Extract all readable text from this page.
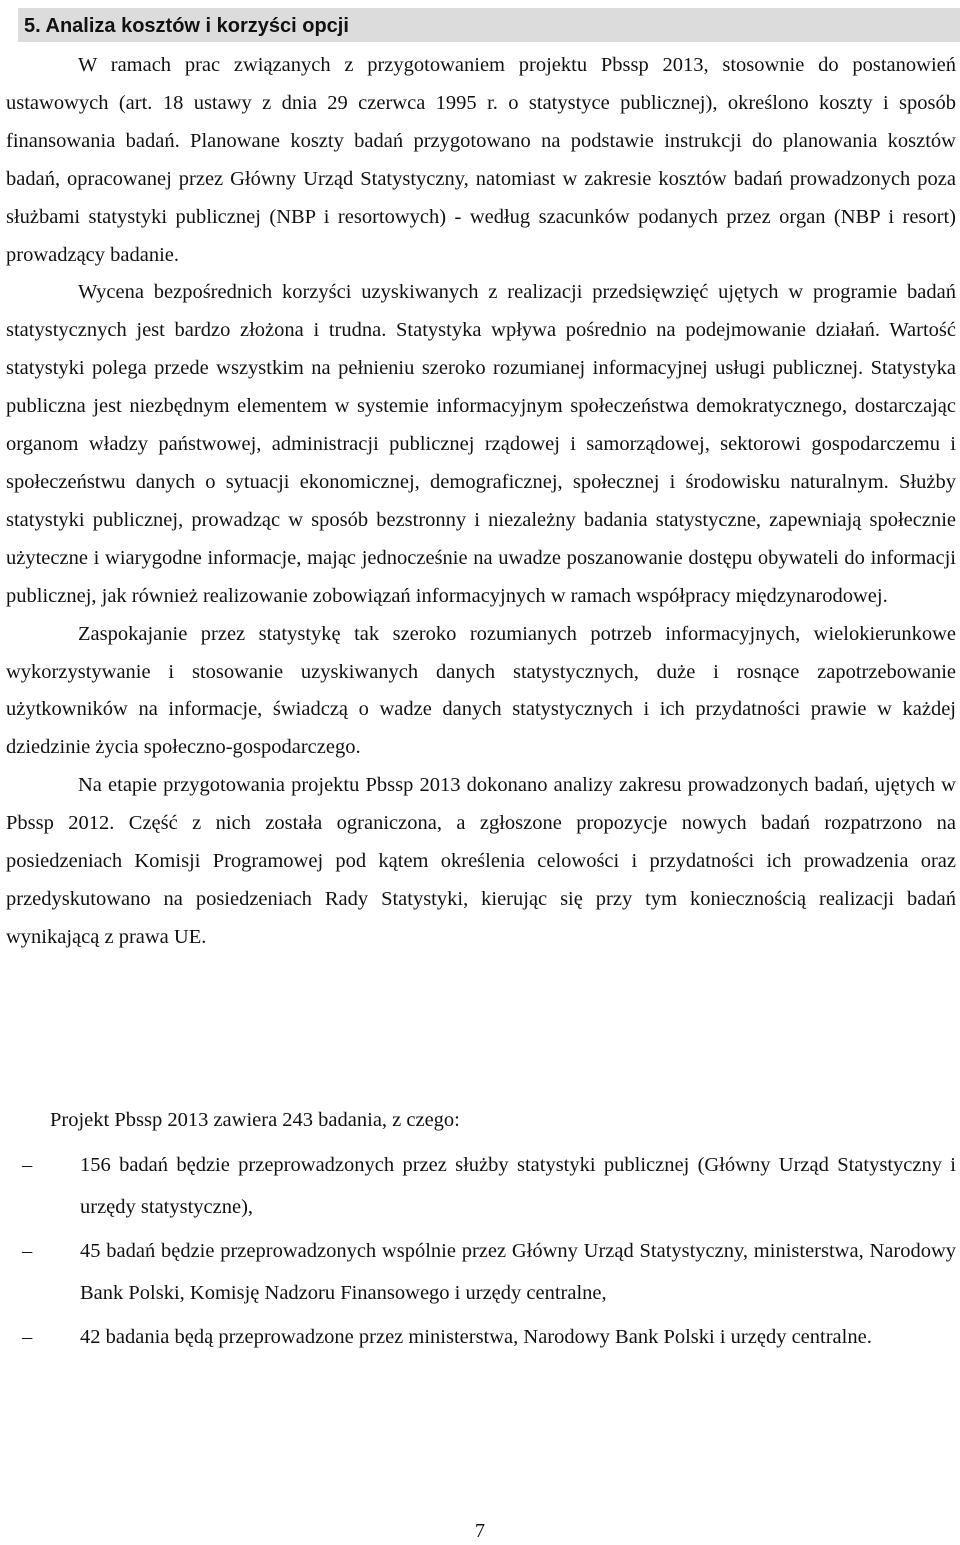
5. Analiza kosztów i korzyści opcji

W ramach prac związanych z przygotowaniem projektu Pbssp 2013, stosownie do postanowień ustawowych (art. 18 ustawy z dnia 29 czerwca 1995 r. o statystyce publicznej), określono koszty i sposób finansowania badań. Planowane koszty badań przygotowano na podstawie instrukcji do planowania kosztów badań, opracowanej przez Główny Urząd Statystyczny, natomiast w zakresie kosztów badań prowadzonych poza służbami statystyki publicznej (NBP i resortowych) - według szacunków podanych przez organ (NBP i resort) prowadzący badanie.

Wycena bezpośrednich korzyści uzyskiwanych z realizacji przedsięwzięć ujętych w programie badań statystycznych jest bardzo złożona i trudna. Statystyka wpływa pośrednio na podejmowanie działań. Wartość statystyki polega przede wszystkim na pełnieniu szeroko rozumianej informacyjnej usługi publicznej. Statystyka publiczna jest niezbędnym elementem w systemie informacyjnym społeczeństwa demokratycznego, dostarczając organom władzy państwowej, administracji publicznej rządowej i samorządowej, sektorowi gospodarczemu i społeczeństwu danych o sytuacji ekonomicznej, demograficznej, społecznej i środowisku naturalnym. Służby statystyki publicznej, prowadząc w sposób bezstronny i niezależny badania statystyczne, zapewniają społecznie użyteczne i wiarygodne informacje, mając jednocześnie na uwadze poszanowanie dostępu obywateli do informacji publicznej, jak również realizowanie zobowiązań informacyjnych w ramach współpracy międzynarodowej.

Zaspokajanie przez statystykę tak szeroko rozumianych potrzeb informacyjnych, wielokierunkowe wykorzystywanie i stosowanie uzyskiwanych danych statystycznych, duże i rosnące zapotrzebowanie użytkowników na informacje, świadczą o wadze danych statystycznych i ich przydatności prawie w każdej dziedzinie życia społeczno-gospodarczego.

Na etapie przygotowania projektu Pbssp 2013 dokonano analizy zakresu prowadzonych badań, ujętych w Pbssp 2012. Część z nich została ograniczona, a zgłoszone propozycje nowych badań rozpatrzono na posiedzeniach Komisji Programowej pod kątem określenia celowości i przydatności ich prowadzenia oraz przedyskutowano na posiedzeniach Rady Statystyki, kierując się przy tym koniecznością realizacji badań wynikającą z prawa UE.

Projekt Pbssp 2013 zawiera 243 badania, z czego:

– 156 badań będzie przeprowadzonych przez służby statystyki publicznej (Główny Urząd Statystyczny i urzędy statystyczne),
– 45 badań będzie przeprowadzonych wspólnie przez Główny Urząd Statystyczny, ministerstwa, Narodowy Bank Polski, Komisję Nadzoru Finansowego i urzędy centralne,
– 42 badania będą przeprowadzone przez ministerstwa, Narodowy Bank Polski i urzędy centralne.
7
